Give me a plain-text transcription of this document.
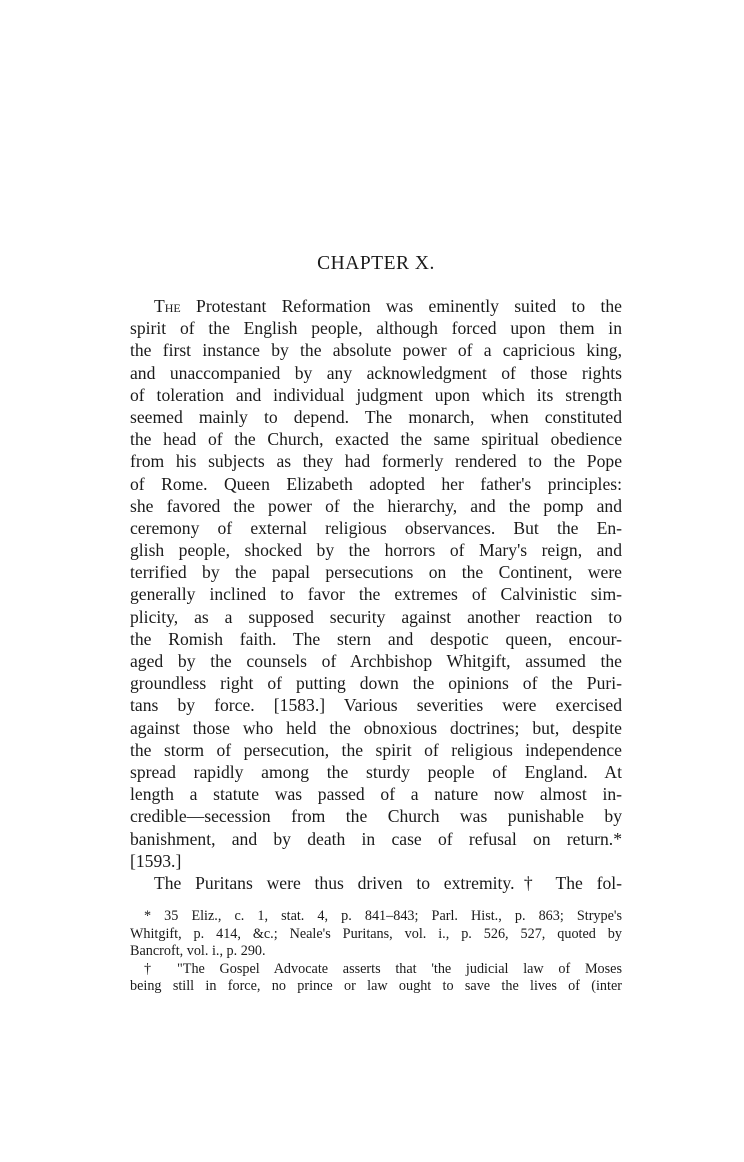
CHAPTER X.
The Protestant Reformation was eminently suited to the
spirit of the English people, although forced upon them in
the first instance by the absolute power of a capricious king,
and unaccompanied by any acknowledgment of those rights
of toleration and individual judgment upon which its strength
seemed mainly to depend. The monarch, when constituted
the head of the Church, exacted the same spiritual obedience
from his subjects as they had formerly rendered to the Pope
of Rome. Queen Elizabeth adopted her father's principles:
she favored the power of the hierarchy, and the pomp and
ceremony of external religious observances. But the En-
glish people, shocked by the horrors of Mary's reign, and
terrified by the papal persecutions on the Continent, were
generally inclined to favor the extremes of Calvinistic sim-
plicity, as a supposed security against another reaction to
the Romish faith. The stern and despotic queen, encour-
aged by the counsels of Archbishop Whitgift, assumed the
groundless right of putting down the opinions of the Puri-
tans by force. [1583.] Various severities were exercised
against those who held the obnoxious doctrines; but, despite
the storm of persecution, the spirit of religious independence
spread rapidly among the sturdy people of England. At
length a statute was passed of a nature now almost in-
credible—secession from the Church was punishable by
banishment, and by death in case of refusal on return.*
[1593.]
The Puritans were thus driven to extremity.† The fol-
* 35 Eliz., c. 1, stat. 4, p. 841–843; Parl. Hist., p. 863; Strype's
Whitgift, p. 414, &c.; Neale's Puritans, vol. i., p. 526, 527, quoted by
Bancroft, vol. i., p. 290.
† "The Gospel Advocate asserts that 'the judicial law of Moses
being still in force, no prince or law ought to save the lives of (inter
